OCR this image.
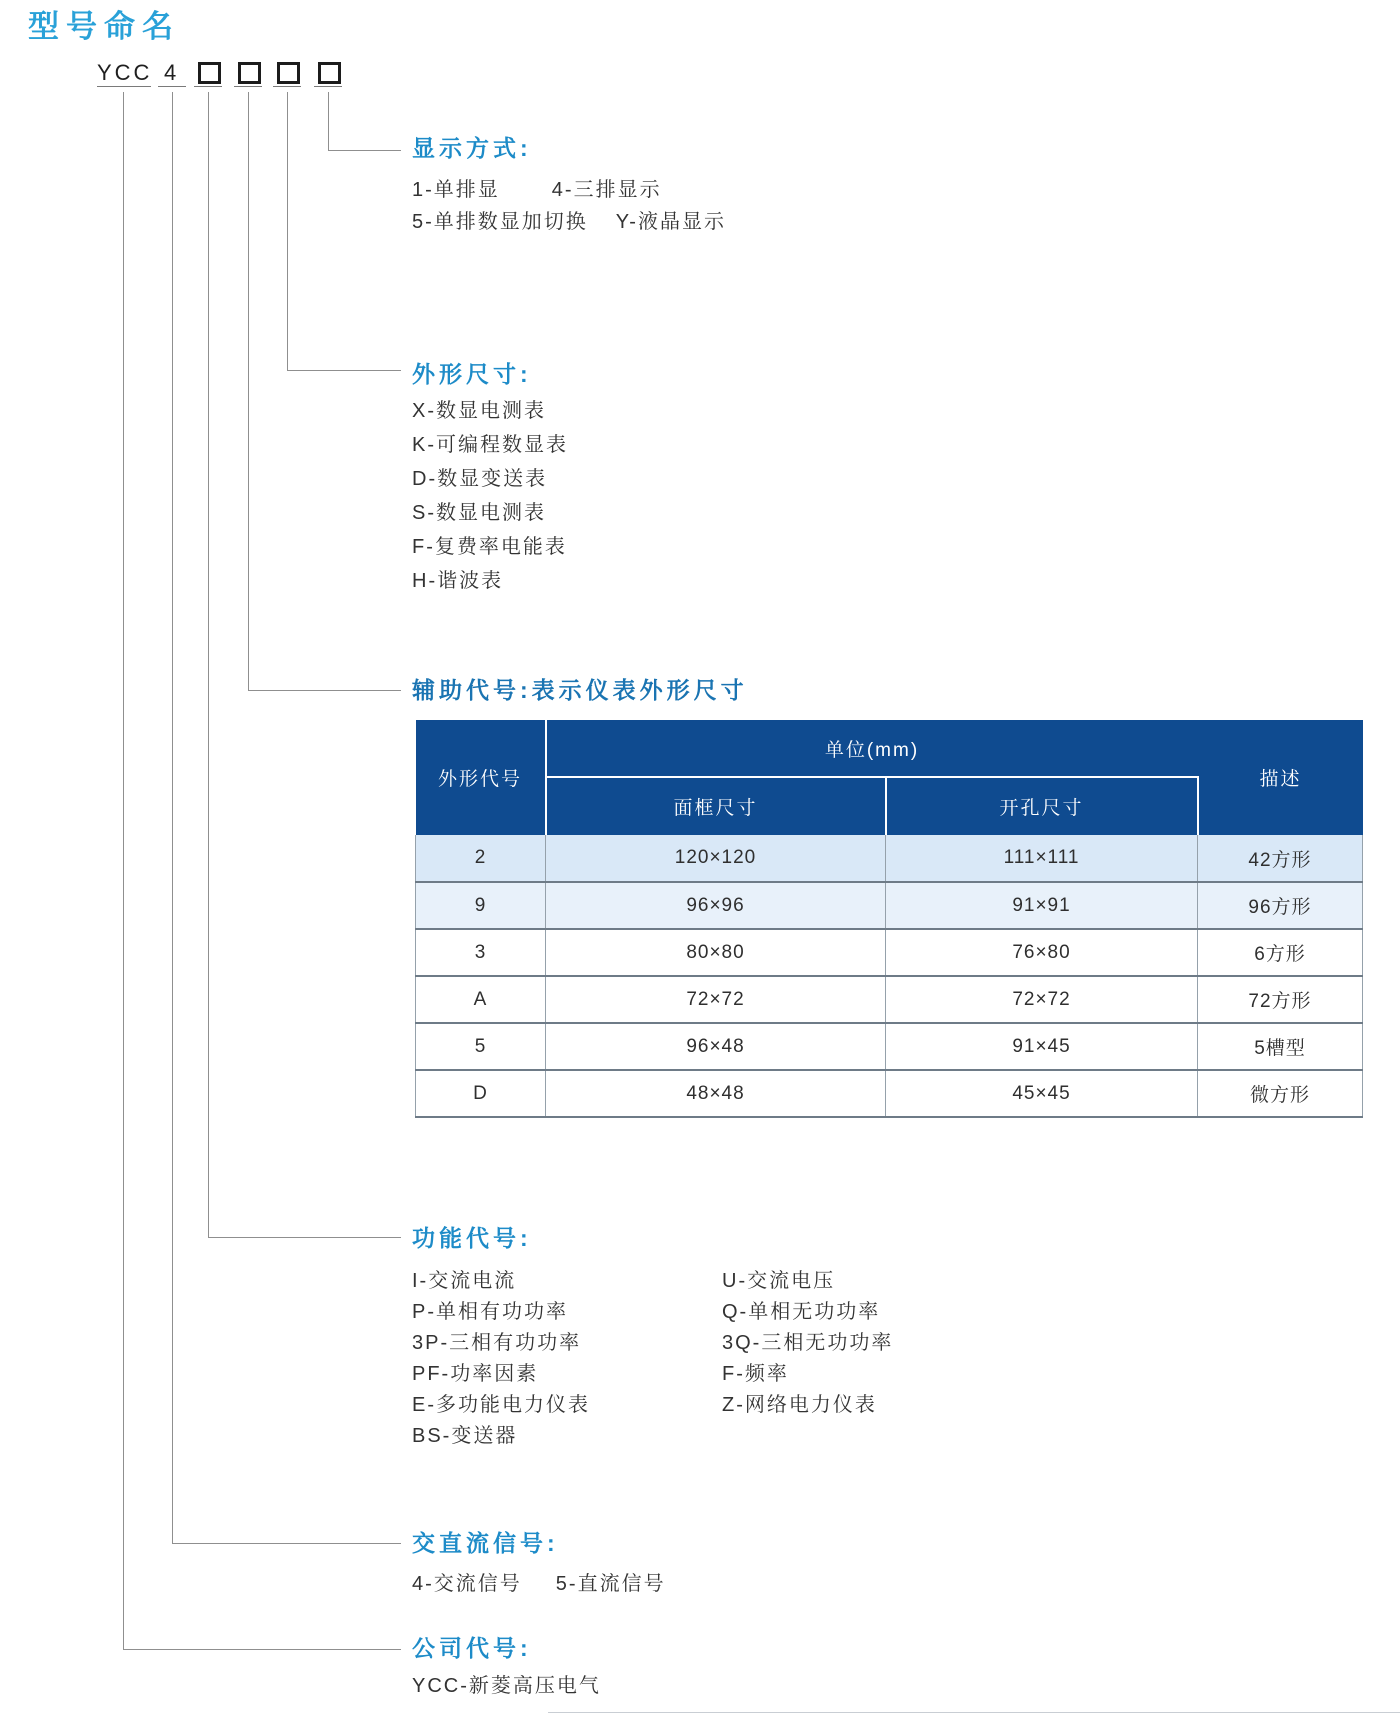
型号命名
YCC 4
显示方式:
1-单排显	4-三排显示
5-单排数显加切换 Y-液晶显示
外形尺寸:
X-数显电测表
K-可编程数显表
D-数显变送表
S-数显电测表
F-复费率电能表
H-谐波表
辅助代号:表示仪表外形尺寸
外形代号	单位(mm)		描述
	面框尺寸	开孔尺寸	
2	120×120	111×111	42方形
9	96×96	91×91	96方形
3	80×80	76×80	6方形
A	72×72	72×72	72方形
5	96×48	91×45	5槽型
D	48×48	45×45	微方形
功能代号:
I-交流电流
P-单相有功功率
3P-三相有功功率
PF-功率因素
E-多功能电力仪表
BS-变送器
U-交流电压
Q-单相无功功率
3Q-三相无功功率
F-频率
Z-网络电力仪表
交直流信号:
4-交流信号 5-直流信号
公司代号:
YCC-新菱高压电气
